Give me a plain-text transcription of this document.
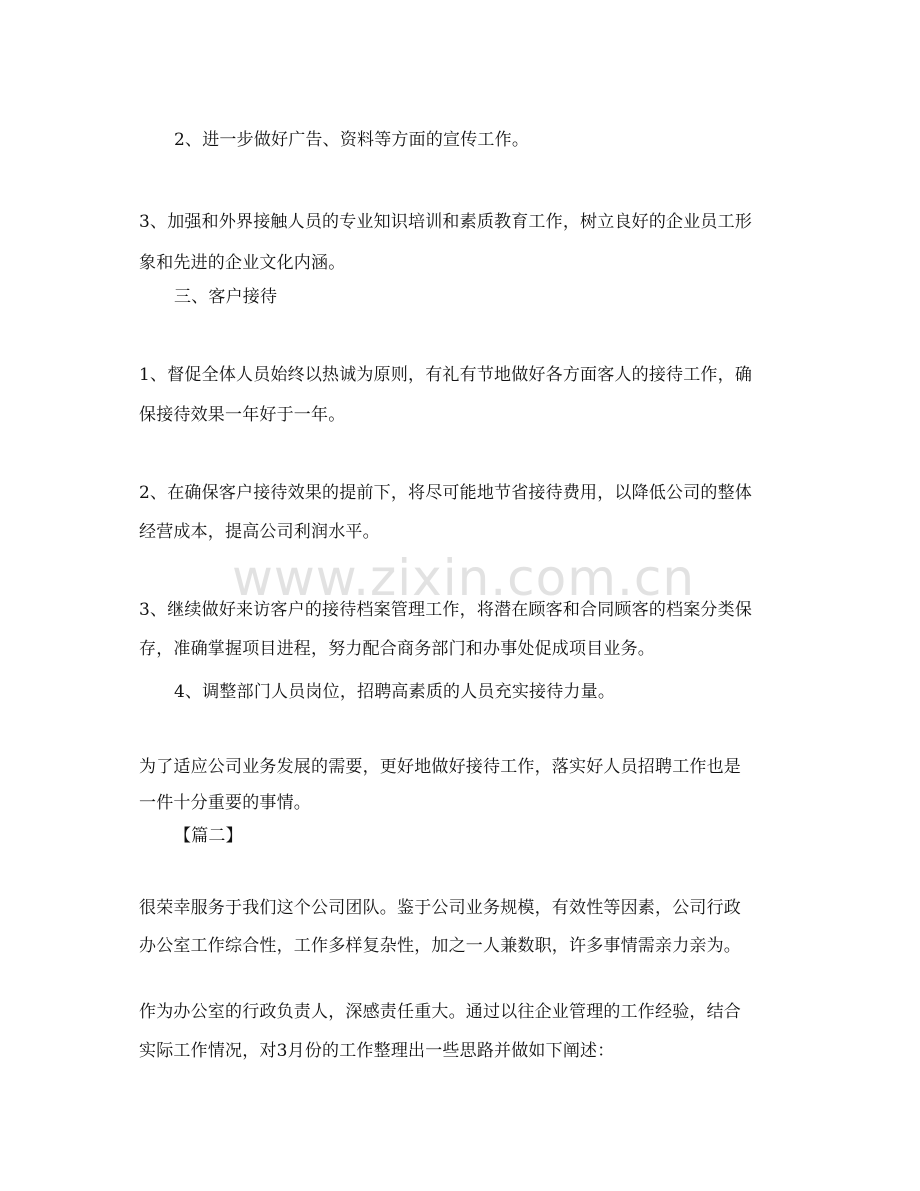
www.zixin.com.cn
2、进一步做好广告、资料等方面的宣传工作。
3、加强和外界接触人员的专业知识培训和素质教育工作，树立良好的企业员工形
象和先进的企业文化内涵。
三、客户接待
1、督促全体人员始终以热诚为原则，有礼有节地做好各方面客人的接待工作，确
保接待效果一年好于一年。
2、在确保客户接待效果的提前下，将尽可能地节省接待费用，以降低公司的整体
经营成本，提高公司利润水平。
3、继续做好来访客户的接待档案管理工作，将潜在顾客和合同顾客的档案分类保
存，准确掌握项目进程，努力配合商务部门和办事处促成项目业务。
4、调整部门人员岗位，招聘高素质的人员充实接待力量。
为了适应公司业务发展的需要，更好地做好接待工作，落实好人员招聘工作也是
一件十分重要的事情。
【篇二】
很荣幸服务于我们这个公司团队。鉴于公司业务规模，有效性等因素，公司行政
办公室工作综合性，工作多样复杂性，加之一人兼数职，许多事情需亲力亲为。
作为办公室的行政负责人，深感责任重大。通过以往企业管理的工作经验，结合
实际工作情况，对3月份的工作整理出一些思路并做如下阐述：
